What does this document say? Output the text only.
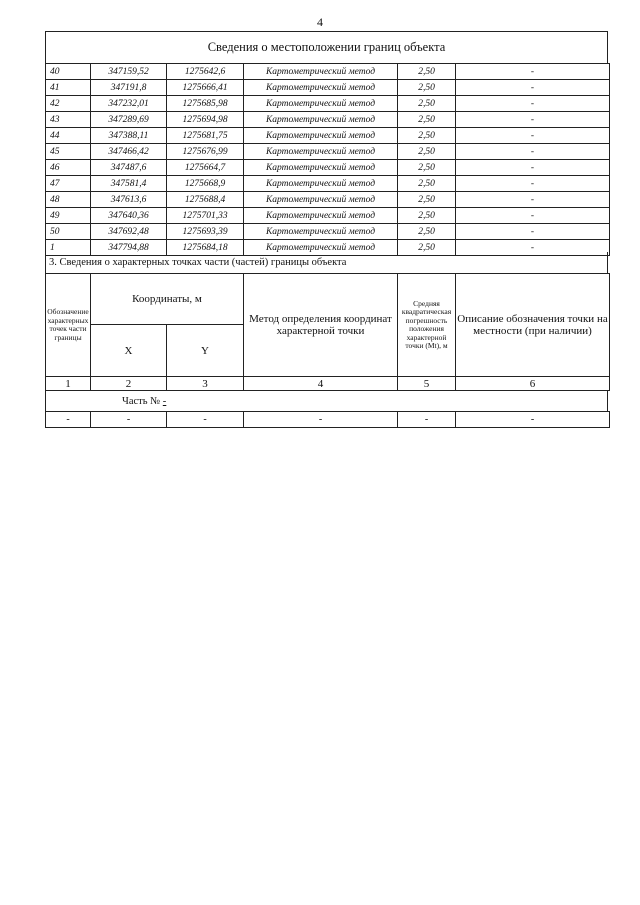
4
Сведения о местоположении границ объекта
40	347159,52	1275642,6	Картометрический метод	2,50	-
41	347191,8	1275666,41	Картометрический метод	2,50	-
42	347232,01	1275685,98	Картометрический метод	2,50	-
43	347289,69	1275694,98	Картометрический метод	2,50	-
44	347388,11	1275681,75	Картометрический метод	2,50	-
45	347466,42	1275676,99	Картометрический метод	2,50	-
46	347487,6	1275664,7	Картометрический метод	2,50	-
47	347581,4	1275668,9	Картометрический метод	2,50	-
48	347613,6	1275688,4	Картометрический метод	2,50	-
49	347640,36	1275701,33	Картометрический метод	2,50	-
50	347692,48	1275693,39	Картометрический метод	2,50	-
1	347794,88	1275684,18	Картометрический метод	2,50	-
3. Сведения о характерных точках части (частей) границы объекта
Обозначение характерных точек части границы	Координаты, м		Метод определения координат характерной точки	Средняя квадратическая погрешность положения характерной точки (Мt), м	Описание обозначения точки на местности (при наличии)
	X	Y			
1	2	3	4	5	6
Часть № -
-	-	-	-	-	-
